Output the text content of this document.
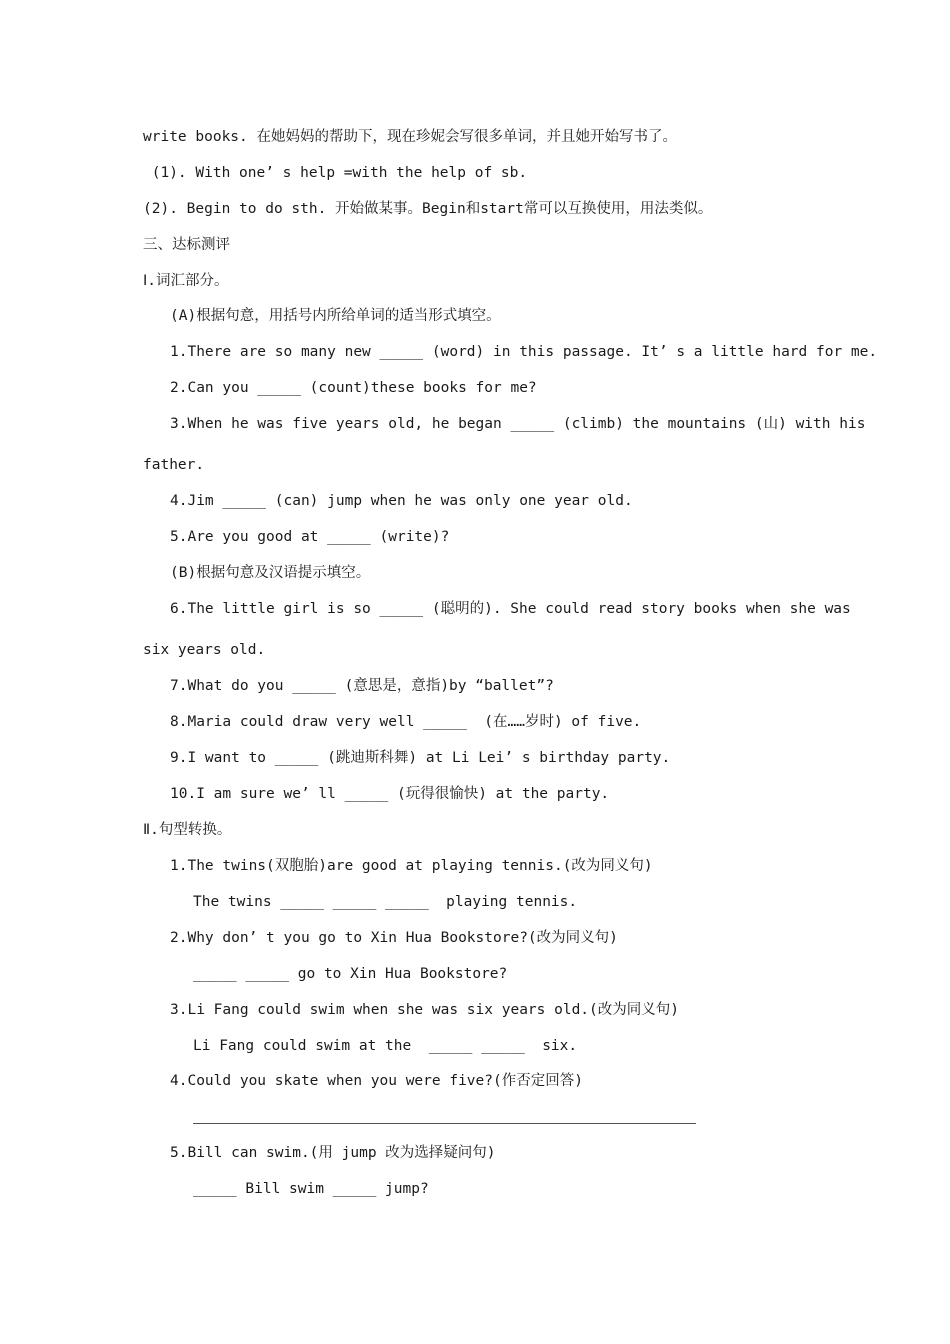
write books. 在她妈妈的帮助下，现在珍妮会写很多单词，并且她开始写书了。
(1). With one’ s help =with the help of sb.
(2). Begin to do sth. 开始做某事。Begin和start常可以互换使用，用法类似。
三、达标测评
Ⅰ.词汇部分。
(A)根据句意，用括号内所给单词的适当形式填空。
1.There are so many new _____ (word) in this passage. It’ s a little hard for me.
2.Can you _____ (count)these books for me?
3.When he was five years old, he began _____ (climb) the mountains (山) with his
father.
4.Jim _____ (can) jump when he was only one year old.
5.Are you good at _____ (write)?
(B)根据句意及汉语提示填空。
6.The little girl is so _____ (聪明的). She could read story books when she was
six years old.
7.What do you _____ (意思是，意指)by “ballet”?
8.Maria could draw very well _____  (在……岁时) of five.
9.I want to _____ (跳迪斯科舞) at Li Lei’ s birthday party.
10.I am sure we’ ll _____ (玩得很愉快) at the party.
Ⅱ.句型转换。
1.The twins(双胞胎)are good at playing tennis.(改为同义句)
The twins _____ _____ _____  playing tennis.
2.Why don’ t you go to Xin Hua Bookstore?(改为同义句)
_____ _____ go to Xin Hua Bookstore?
3.Li Fang could swim when she was six years old.(改为同义句)
Li Fang could swim at the  _____ _____  six.
4.Could you skate when you were five?(作否定回答)
5.Bill can swim.(用 jump 改为选择疑问句)
_____ Bill swim _____ jump?
